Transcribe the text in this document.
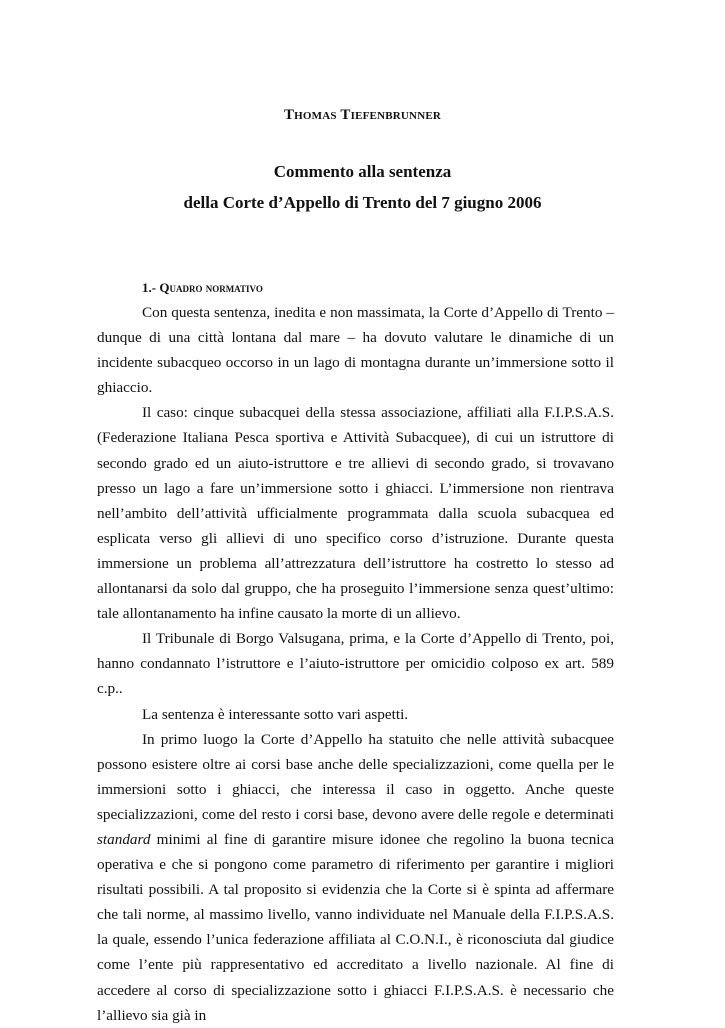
Thomas Tiefenbrunner
Commento alla sentenza
della Corte d’Appello di Trento del 7 giugno 2006
1.- Quadro normativo

Con questa sentenza, inedita e non massimata, la Corte d’Appello di Trento – dunque di una città lontana dal mare – ha dovuto valutare le dinamiche di un incidente subacqueo occorso in un lago di montagna durante un’immersione sotto il ghiaccio.

Il caso: cinque subacquei della stessa associazione, affiliati alla F.I.P.S.A.S. (Federazione Italiana Pesca sportiva e Attività Subacquee), di cui un istruttore di secondo grado ed un aiuto-istruttore e tre allievi di secondo grado, si trovavano presso un lago a fare un’immersione sotto i ghiacci. L’immersione non rientrava nell’ambito dell’attività ufficialmente programmata dalla scuola subacquea ed esplicata verso gli allievi di uno specifico corso d’istruzione. Durante questa immersione un problema all’attrezzatura dell’istruttore ha costretto lo stesso ad allontanarsi da solo dal gruppo, che ha proseguito l’immersione senza quest’ultimo: tale allontanamento ha infine causato la morte di un allievo.

Il Tribunale di Borgo Valsugana, prima, e la Corte d’Appello di Trento, poi, hanno condannato l’istruttore e l’aiuto-istruttore per omicidio colposo ex art. 589 c.p..

La sentenza è interessante sotto vari aspetti.

In primo luogo la Corte d’Appello ha statuito che nelle attività subacquee possono esistere oltre ai corsi base anche delle specializzazioni, come quella per le immersioni sotto i ghiacci, che interessa il caso in oggetto. Anche queste specializzazioni, come del resto i corsi base, devono avere delle regole e determinati standard minimi al fine di garantire misure idonee che regolino la buona tecnica operativa e che si pongono come parametro di riferimento per garantire i migliori risultati possibili. A tal proposito si evidenzia che la Corte si è spinta ad affermare che tali norme, al massimo livello, vanno individuate nel Manuale della F.I.P.S.A.S. la quale, essendo l’unica federazione affiliata al C.O.N.I., è riconosciuta dal giudice come l’ente più rappresentativo ed accreditato a livello nazionale. Al fine di accedere al corso di specializzazione sotto i ghiacci F.I.P.S.A.S. è necessario che l’allievo sia già in
